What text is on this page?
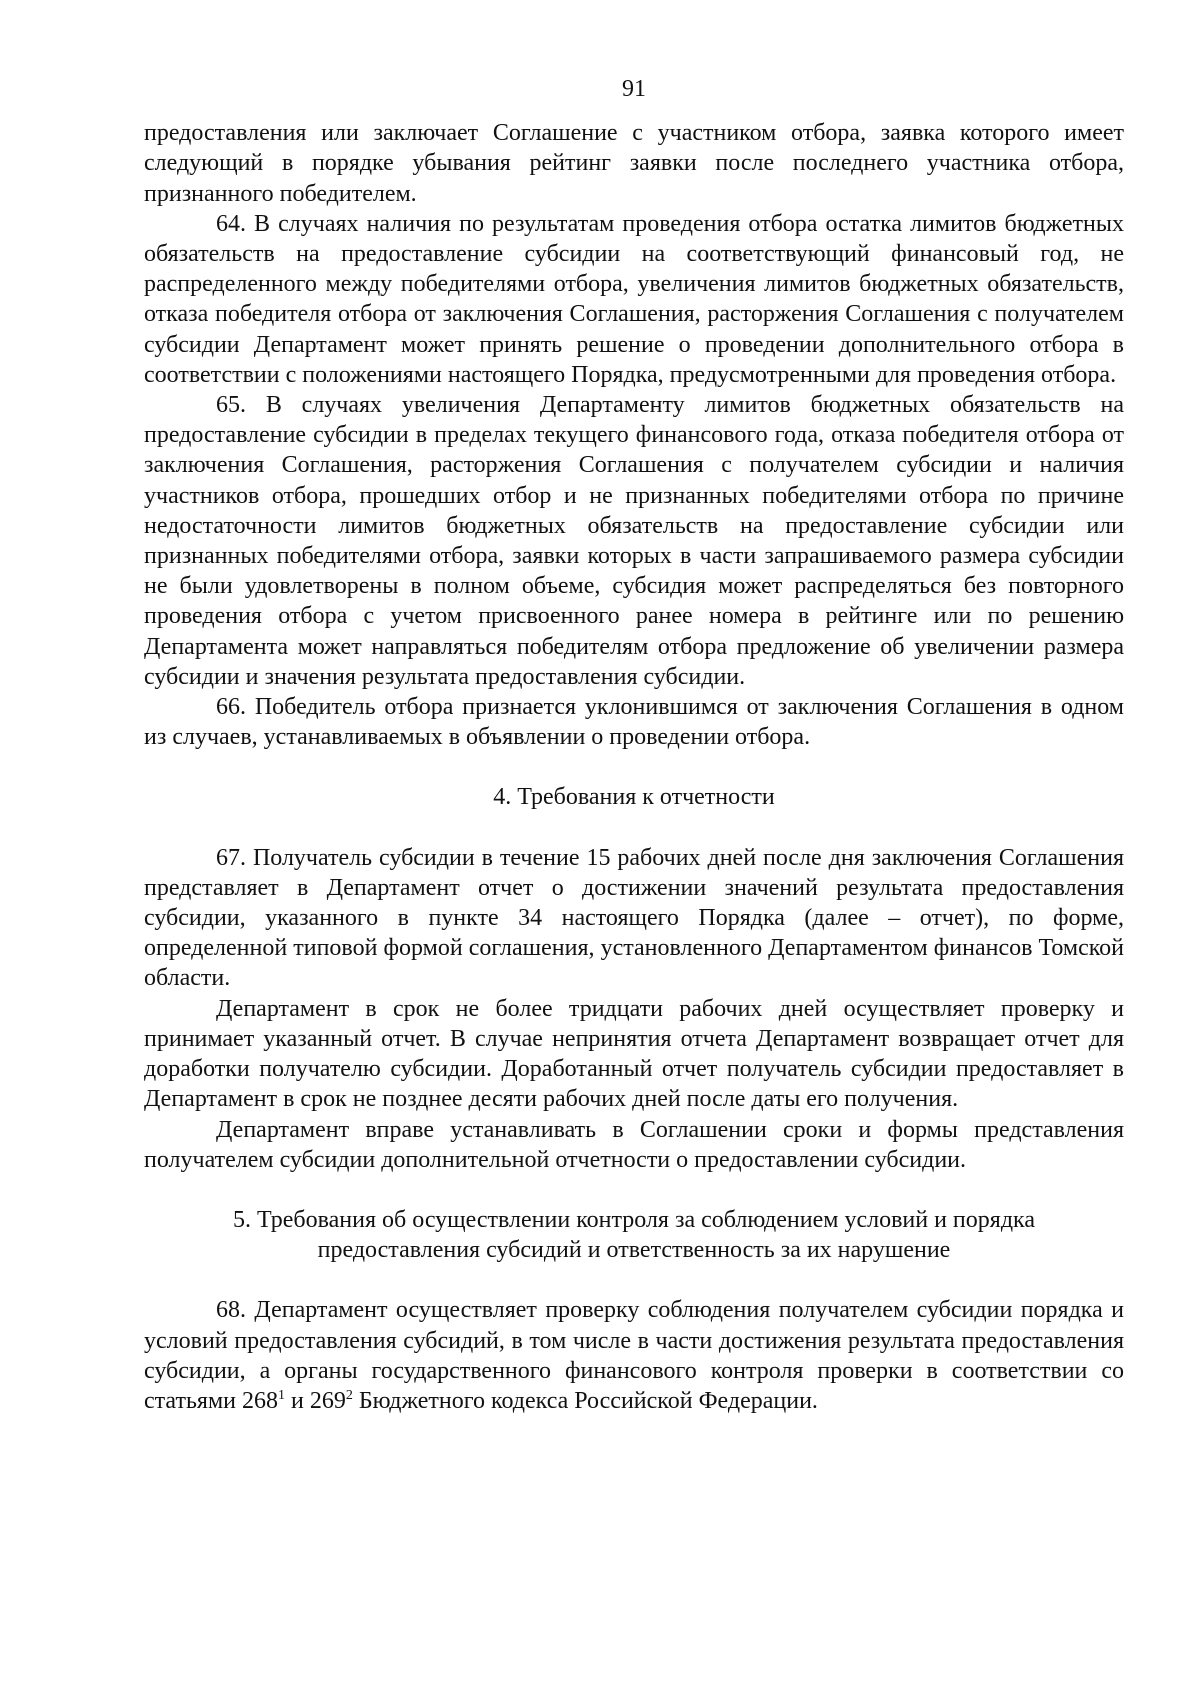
91

предоставления или заключает Соглашение с участником отбора, заявка которого имеет следующий в порядке убывания рейтинг заявки после последнего участника отбора, признанного победителем.

64. В случаях наличия по результатам проведения отбора остатка лимитов бюджетных обязательств на предоставление субсидии на соответствующий финансовый год, не распределенного между победителями отбора, увеличения лимитов бюджетных обязательств, отказа победителя отбора от заключения Соглашения, расторжения Соглашения с получателем субсидии Департамент может принять решение о проведении дополнительного отбора в соответствии с положениями настоящего Порядка, предусмотренными для проведения отбора.

65. В случаях увеличения Департаменту лимитов бюджетных обязательств на предоставление субсидии в пределах текущего финансового года, отказа победителя отбора от заключения Соглашения, расторжения Соглашения с получателем субсидии и наличия участников отбора, прошедших отбор и не признанных победителями отбора по причине недостаточности лимитов бюджетных обязательств на предоставление субсидии или признанных победителями отбора, заявки которых в части запрашиваемого размера субсидии не были удовлетворены в полном объеме, субсидия может распределяться без повторного проведения отбора с учетом присвоенного ранее номера в рейтинге или по решению Департамента может направляться победителям отбора предложение об увеличении размера субсидии и значения результата предоставления субсидии.

66. Победитель отбора признается уклонившимся от заключения Соглашения в одном из случаев, устанавливаемых в объявлении о проведении отбора.

4. Требования к отчетности

67. Получатель субсидии в течение 15 рабочих дней после дня заключения Соглашения представляет в Департамент отчет о достижении значений результата предоставления субсидии, указанного в пункте 34 настоящего Порядка (далее – отчет), по форме, определенной типовой формой соглашения, установленного Департаментом финансов Томской области.

Департамент в срок не более тридцати рабочих дней осуществляет проверку и принимает указанный отчет. В случае непринятия отчета Департамент возвращает отчет для доработки получателю субсидии. Доработанный отчет получатель субсидии предоставляет в Департамент в срок не позднее десяти рабочих дней после даты его получения.

Департамент вправе устанавливать в Соглашении сроки и формы представления получателем субсидии дополнительной отчетности о предоставлении субсидии.

5. Требования об осуществлении контроля за соблюдением условий и порядка
предоставления субсидий и ответственность за их нарушение

68. Департамент осуществляет проверку соблюдения получателем субсидии порядка и условий предоставления субсидий, в том числе в части достижения результата предоставления субсидии, а органы государственного финансового контроля проверки в соответствии со статьями $268^1$ и $269^2$ Бюджетного кодекса Российской Федерации.
